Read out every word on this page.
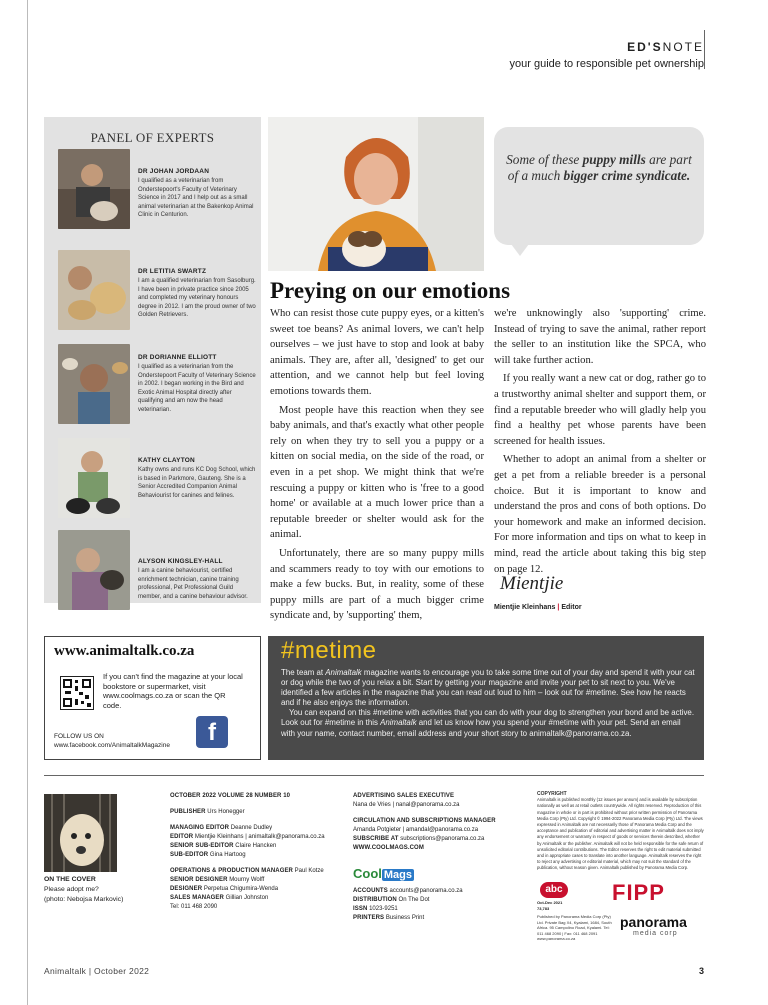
ED'SNOTE
your guide to responsible pet ownership
PANEL OF EXPERTS
DR JOHAN JORDAAN
I qualified as a veterinarian from Onderstepoort's Faculty of Veterinary Science in 2017 and I help out as a small animal veterinarian at the Bakenkop Animal Clinic in Centurion.
DR LETITIA SWARTZ
I am a qualified veterinarian from Sasolburg. I have been in private practice since 2005 and completed my veterinary honours degree in 2012. I am the proud owner of two Golden Retrievers.
DR DORIANNE ELLIOTT
I qualified as a veterinarian from the Onderstepoort Faculty of Veterinary Science in 2002. I began working in the Bird and Exotic Animal Hospital directly after qualifying and am now the head veterinarian.
KATHY CLAYTON
Kathy owns and runs KC Dog School, which is based in Parkmore, Gauteng. She is a Senior Accredited Companion Animal Behaviourist for canines and felines.
ALYSON KINGSLEY-HALL
I am a canine behaviourist, certified enrichment technician, canine training professional, Pet Professional Guild member, and a canine behaviour advisor.
Some of these puppy mills are part of a much bigger crime syndicate.
Preying on our emotions

Who can resist those cute puppy eyes, or a kitten's sweet toe beans? As animal lovers, we can't help ourselves – we just have to stop and look at baby animals. They are, after all, 'designed' to get our attention, and we cannot help but feel loving emotions towards them.

Most people have this reaction when they see baby animals, and that's exactly what other people rely on when they try to sell you a puppy or a kitten on social media, on the side of the road, or even in a pet shop. We might think that we're rescuing a puppy or kitten who is 'free to a good home' or available at a much lower price than a reputable breeder or shelter would ask for the animal.

Unfortunately, there are so many puppy mills and scammers ready to toy with our emotions to make a few bucks. But, in reality, some of these puppy mills are part of a much bigger crime syndicate and, by 'supporting' them,

we're unknowingly also 'supporting' crime. Instead of trying to save the animal, rather report the seller to an institution like the SPCA, who will take further action.

If you really want a new cat or dog, rather go to a trustworthy animal shelter and support them, or find a reputable breeder who will gladly help you find a healthy pet whose parents have been screened for health issues.

Whether to adopt an animal from a shelter or get a pet from a reliable breeder is a personal choice. But it is important to know and understand the pros and cons of both options. Do your homework and make an informed decision. For more information and tips on what to keep in mind, read the article about taking this big step on page 12.

Mientjie
Mientjie Kleinhans | Editor
www.animaltalk.co.za
If you can't find the magazine at your local bookstore or supermarket, visit www.coolmags.co.za or scan the QR code.
FOLLOW US ON
www.facebook.com/AnimaltalkMagazine	f
#metime
The team at Animaltalk magazine wants to encourage you to take some time out of your day and spend it with your cat or dog while the two of you relax a bit. Start by getting your magazine and invite your pet to sit next to you. We've identified a few articles in the magazine that you can read out loud to him – look out for #metime. See how he reacts and if he also enjoys the information.
You can expand on this #metime with activities that you can do with your dog to strengthen your bond and be active. Look out for #metime in this Animaltalk and let us know how you spend your #metime with your pet. Send an email with your name, contact number, email address and your short story to animaltalk@panorama.co.za.
ON THE COVER
Please adopt me?
(photo: Nebojsa Markovic)
OCTOBER 2022 VOLUME 28 NUMBER 10
PUBLISHER Urs Honegger
MANAGING EDITOR Deanne Dudley
EDITOR Mientjie Kleinhans | animaltalk@panorama.co.za
SENIOR SUB-EDITOR Claire Hancken
SUB-EDITOR Gina Hartoog
OPERATIONS & PRODUCTION MANAGER Paul Kotze
SENIOR DESIGNER Mourny Wolff
DESIGNER Perpetua Chigumira-Wenda
SALES MANAGER Gillian Johnston
Tel: 011 468 2090
ADVERTISING SALES EXECUTIVE
Nana de Vries | nanal@panorama.co.za
CIRCULATION AND SUBSCRIPTIONS MANAGER
Amanda Potgieter | amandal@panorama.co.za
SUBSCRIBE AT subscriptions@panorama.co.za
WWW.COOLMAGS.COM
Cool Mags
ACCOUNTS accounts@panorama.co.za
DISTRIBUTION On The Dot
ISSN 1023-9251
PRINTERS Business Print
COPYRIGHT
Animaltalk is published monthly (12 issues per annum) and is available by subscription nationally as well as at retail outlets countrywide. All rights reserved. Reproduction of this magazine in whole or in part is prohibited without prior written permission of Panorama Media Corp (Pty) Ltd. Copyright © 1994-2022 Panorama Media Corp (Pty) Ltd. The views expressed in Animaltalk are not necessarily those of Panorama Media Corp and the acceptance and publication of editorial and advertising matter in Animaltalk does not imply any endorsement or warranty in respect of goods or services therein described, whether by Animaltalk or the publisher. Animaltalk will not be held responsible for the safe return of unsolicited editorial contributions. The Editor reserves the right to edit material submitted and in appropriate cases to translate into another language. Animaltalk reserves the right to reject any advertising or editorial material, which may not suit the standard of the publication, without reason given. Animaltalk published by Panorama Media Corp.
abc
Oct-Dec 2021
73,783
FIPP
Published by Panorama Media Corp (Pty) Ltd. Private Bag X4, Kyalami, 1684, South Africa. 95 Campolino Road, Kyalami. Tel: 011 468 2090 | Fax: 011 468 2091 www.panorama.co.za
panorama
media corp
Animaltalk | October 2022	3
